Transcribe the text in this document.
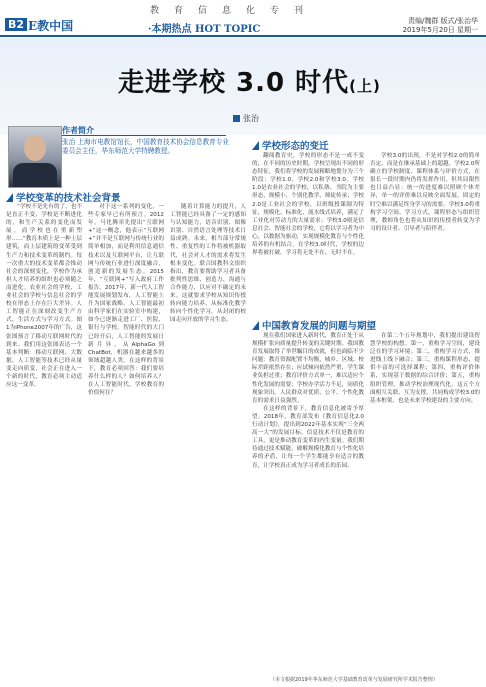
教育信息化专刊
B2 E教中国	·本期热点 HOT TOPIC
责编/魏群 版式/张治华
2019年5月20日 星期一
走进学校 3.0 时代(上)
张治
作者简介
张治 上海市电教馆馆长，中国教育技术协会信息教育专业委员会主任，华东师范大学特聘教授。
学校变革的技术社会背景

“学校不是先有的了，也不是直正不变，学校是不断进化的，和生产关系的变化而发展，而学校也在重新塑形……”教育本质上是一种上层建筑，而上层建筑的变革受到生产力和技术变革的制约。每一次重大的技术变革都会推动社会的深刻变化，学校作为承担人才培养的组织也必须随之而进化。农业社会的学校、工业社会的学校与信息社会的学校在形态上存在巨大差异。人工智能正在深刻改变生产方式、生活方式与学习方式。图1为iPhone2007年的广告，这张图预言了移动互联网时代的到来。我们用这张图表达一个基本判断：移动互联网、大数据、人工智能等技术已经从量变走向质变，社会正在进入一个新的时代，教育必须主动适应这一变革。

对于这一系列的变化，一些专家早已有所预言。2012年，马化腾率先提出“互联网+”这一概念，他表示“互联网+”并不是互联网与传统行业的简单相加，而是利用信息通信技术以及互联网平台，让互联网与传统行业进行深度融合，创造新的发展生态。2015年，“互联网+”写入政府工作报告。2017年，新一代人工智能发展规划发布，人工智能上升为国家战略。人工智能最初由科学家们在实验室中构建，如今已逐渐走进工厂、医院、银行与学校。智能时代的大门已经开启，人工智能的发展日新月异，从AlphaGo到ChatBot，机器在越来越多的领域超越人类。在这样的背景下，教育必须回答：我们要培养什么样的人？如何培养人？在人工智能时代，学校教育的价值何在？

随着计算能力的提升，人工智能已经具备了一定的感知与认知能力，语音识别、图像识别、自然语言处理等技术日益成熟。未来，相当部分常规性、重复性的工作将被机器取代，社会对人才的需求将发生根本变化。联合国教科文组织指出，教育要帮助学习者具备批判性思维、创造力、沟通与合作能力，以应对不确定的未来。这就要求学校从知识传授转向能力培养，从标准化教学转向个性化学习，从封闭的校园走向开放的学习生态。

学校形态的变迁

翻阅教育史，学校的形态不是一成不变的，在不同的历史时期，学校呈现出不同的形态特征。我们将学校的发展粗略地划分为三个阶段：学校1.0、学校2.0和学校3.0。学校1.0是农业社会的学校，以私塾、书院为主要形态，规模小、个别化教学、师徒传承；学校2.0是工业社会的学校，以班级授课制为特征，规模化、标准化、流水线式培养，满足了工业化对劳动力的大量需求；学校3.0则是信息社会、智能社会的学校，它将以学习者为中心，以数据为驱动，实现规模化教育与个性化培养的有机结合。在学校3.0时代，学校的边界将被打破，学习将无处不在、无时不在。

学校3.0的出现，不是对学校2.0的简单否定，而是在继承基础上的超越。学校2.0所确立的学校制度、课程体系与评价方式，在很长一段时期内仍将发挥作用，但其局限性也日益凸显：统一的进度难以照顾个体差异，单一的评价难以反映全面发展，固定的时空难以满足终身学习的需要。学校3.0将重构学习空间、学习方式、课程形态与组织管理，教师角色也将从知识的传授者转变为学习的设计者、引导者与陪伴者。

中国教育发展的问题与期望

现在我们国家进入新时代，教育正处于从规模扩张向质量提升转变的关键时期。我国教育发展取得了举世瞩目的成就，但也面临不少问题：教育资源配置不均衡，城乡、区域、校际差距依然存在；应试倾向依然严重，学生课业负担过重；教育评价方式单一，难以适应个性化发展的需要；学校办学活力不足，同质化现象突出。人民群众对优质、公平、个性化教育的需求日益强烈。

在这样的背景下，教育信息化被寄予厚望。2018年，教育部发布《教育信息化2.0行动计划》，提出到2022年基本实现“三全两高一大”的发展目标。信息技术不仅是教育的工具，更是推动教育变革的内生变量。我们期待通过技术赋能，破解规模化教育与个性化培养的矛盾，让每一个学生都能享有适合的教育，让学校真正成为学习者成长的乐园。

在第二个五年规划中，我们提出建设智慧学校的构想。第一，重构学习空间，建设泛在的学习环境；第二，重构学习方式，推进线上线下融合；第三，重构课程形态，提供丰富的可选择课程；第四，重构评价体系，实现基于数据的综合评价；第五，重构组织管理，推动学校治理现代化。这五个方面相互关联、互为支撑，共同构成学校3.0的基本框架，也是未来学校建设的主要方向。

（本文根据2019年华东师范大学基础教育改革与发展研究所学术报告整理）
